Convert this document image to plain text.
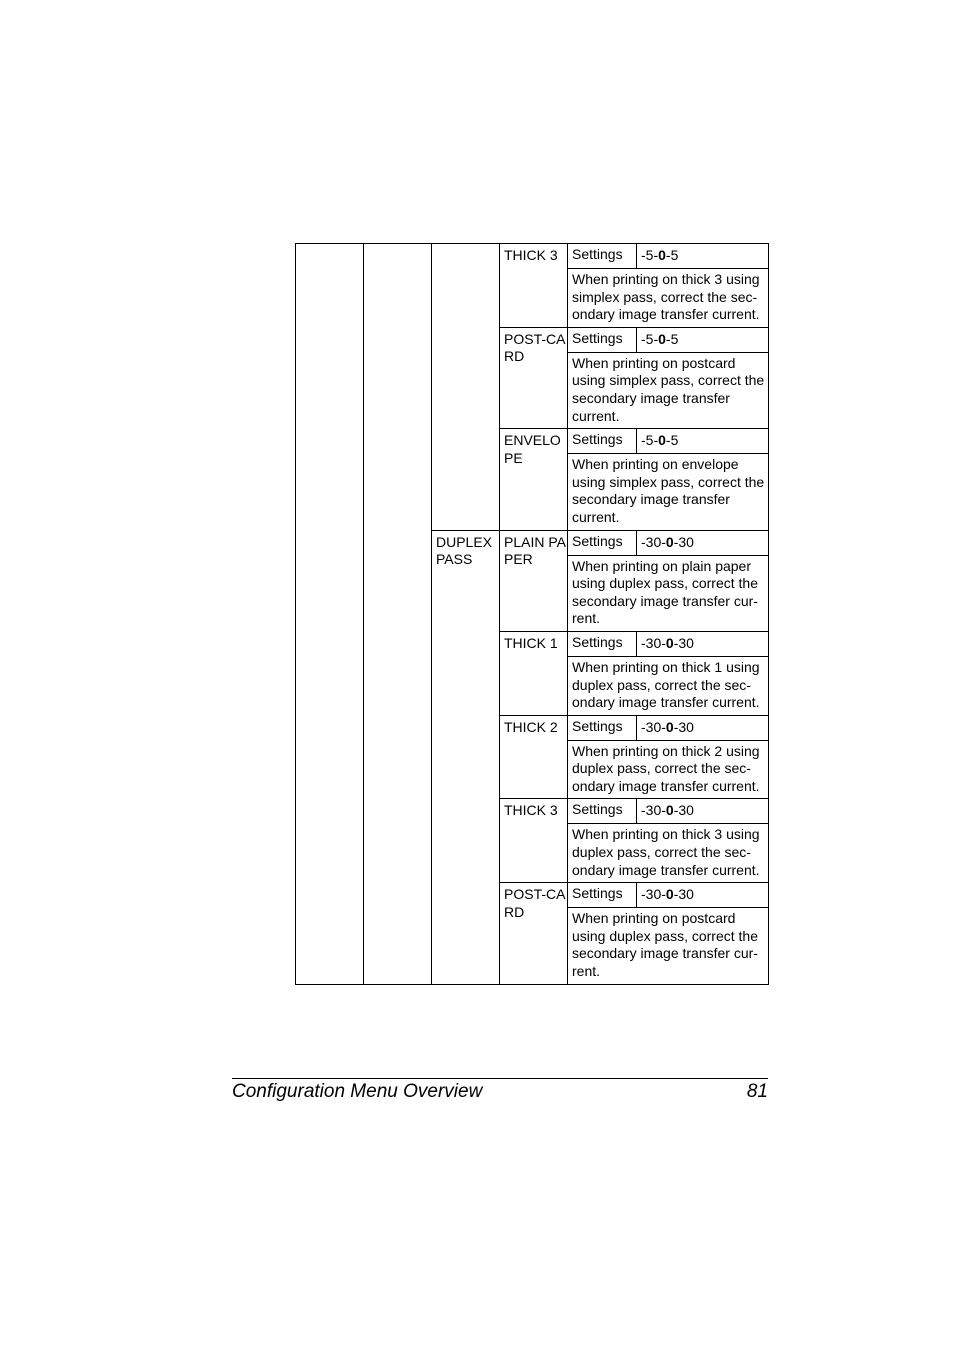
			THICK 3	Settings	-5-0-5
				When printing on thick 3 using simplex pass, correct the sec-ondary image transfer current.	
			POST-CARD	Settings	-5-0-5
				When printing on postcard using simplex pass, correct the secondary image transfer current.	
			ENVELOPE	Settings	-5-0-5
				When printing on envelope using simplex pass, correct the secondary image transfer current.	
		DUPLEX PASS	PLAIN PAPER	Settings	-30-0-30
				When printing on plain paper using duplex pass, correct the secondary image transfer cur-rent.	
			THICK 1	Settings	-30-0-30
				When printing on thick 1 using duplex pass, correct the sec-ondary image transfer current.	
			THICK 2	Settings	-30-0-30
				When printing on thick 2 using duplex pass, correct the sec-ondary image transfer current.	
			THICK 3	Settings	-30-0-30
				When printing on thick 3 using duplex pass, correct the sec-ondary image transfer current.	
			POST-CARD	Settings	-30-0-30
				When printing on postcard using duplex pass, correct the secondary image transfer cur-rent.	
Configuration Menu Overview	81
